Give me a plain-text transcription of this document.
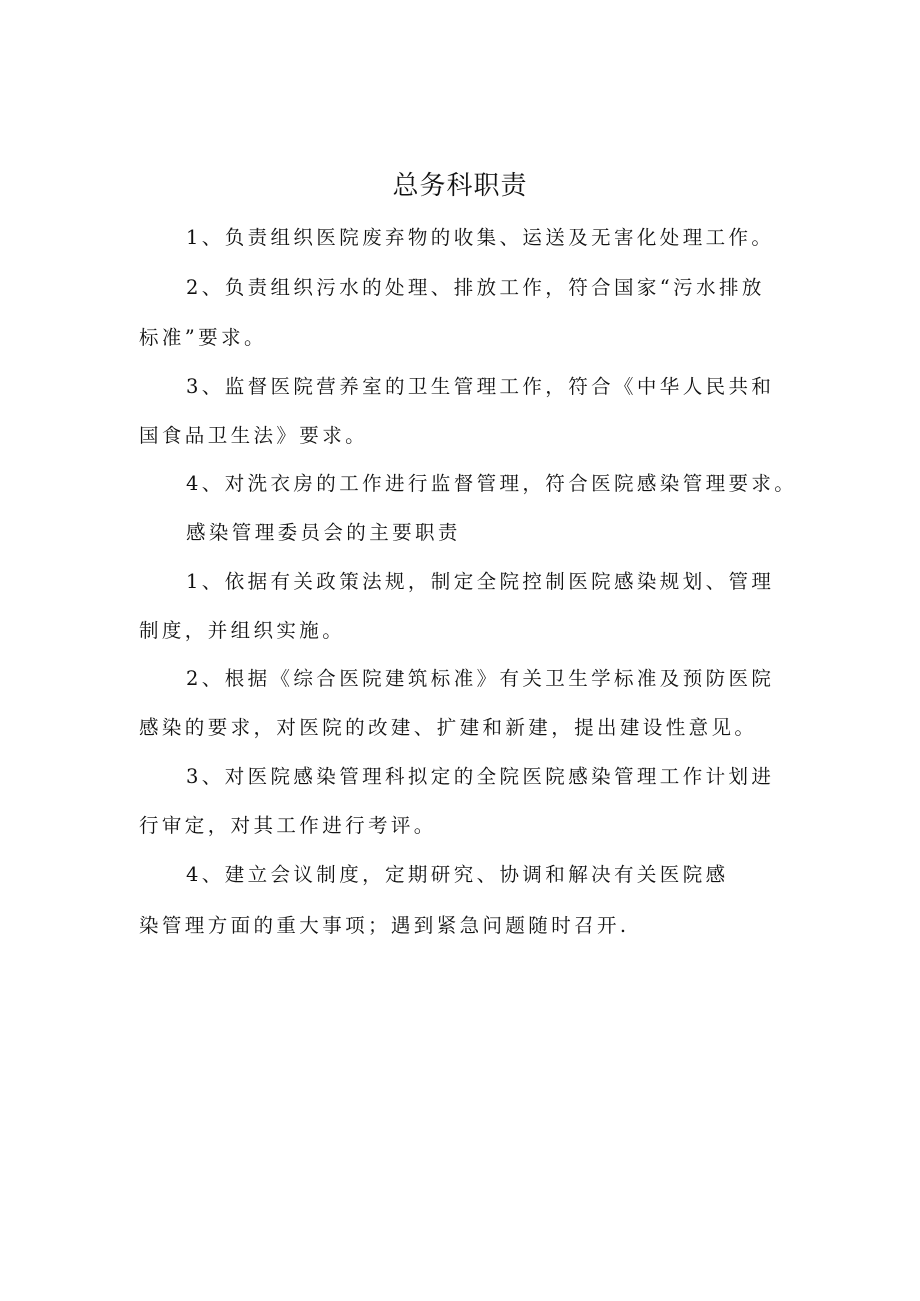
总务科职责

1、负责组织医院废弃物的收集、运送及无害化处理工作。

2、负责组织污水的处理、排放工作，符合国家“污水排放

标准”要求。

3、监督医院营养室的卫生管理工作，符合《中华人民共和

国食品卫生法》要求。

4、对洗衣房的工作进行监督管理，符合医院感染管理要求。

感染管理委员会的主要职责

1、依据有关政策法规，制定全院控制医院感染规划、管理

制度，并组织实施。

2、根据《综合医院建筑标准》有关卫生学标准及预防医院

感染的要求，对医院的改建、扩建和新建，提出建设性意见。

3、对医院感染管理科拟定的全院医院感染管理工作计划进

行审定，对其工作进行考评。

4、建立会议制度，定期研究、协调和解决有关医院感

染管理方面的重大事项；遇到紧急问题随时召开.
